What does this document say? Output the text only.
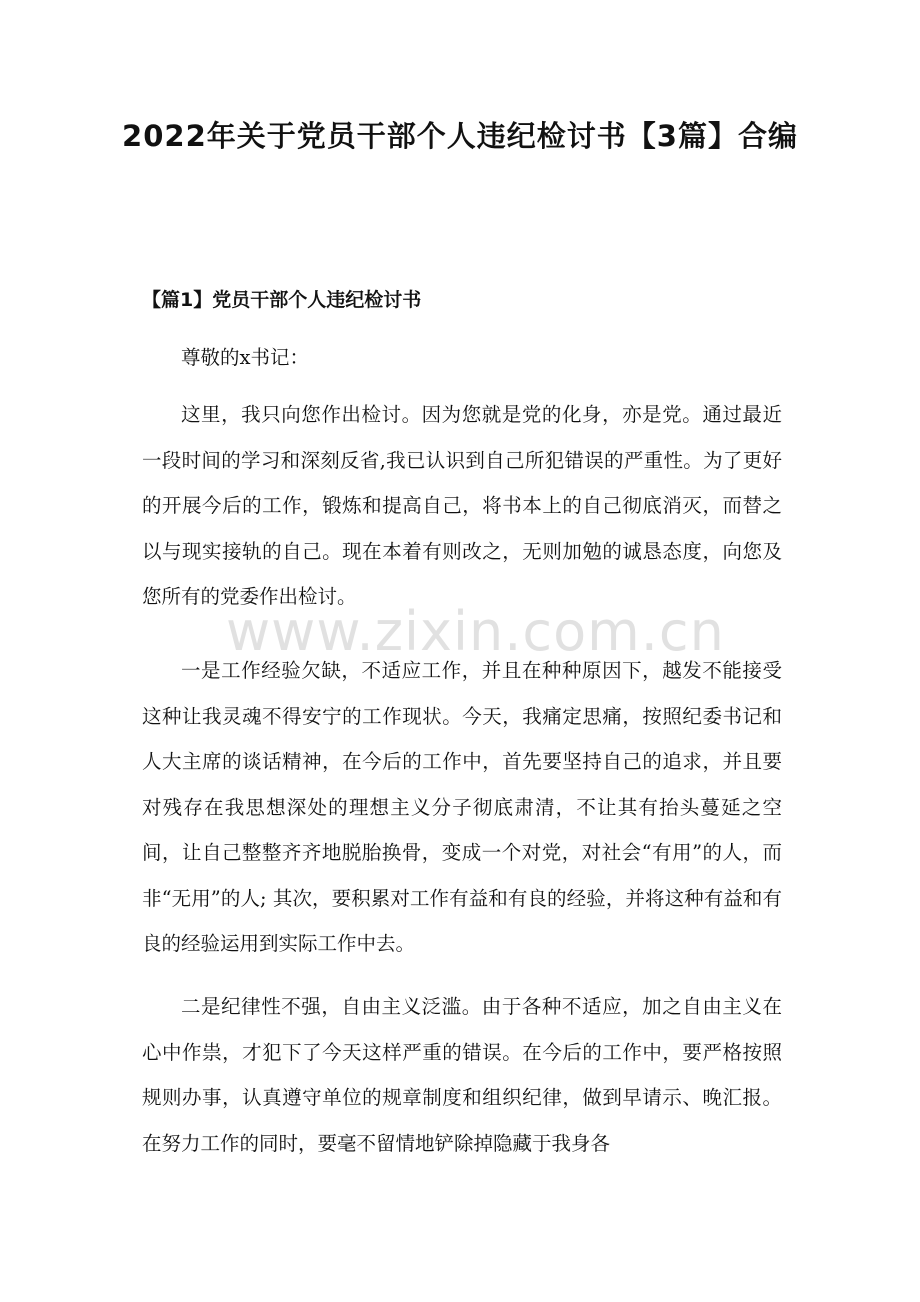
2022年关于党员干部个人违纪检讨书【3篇】合编
【篇1】党员干部个人违纪检讨书

尊敬的x书记：

这里，我只向您作出检讨。因为您就是党的化身，亦是党。通过最近一段时间的学习和深刻反省,我已认识到自己所犯错误的严重性。为了更好的开展今后的工作，锻炼和提高自己，将书本上的自己彻底消灭，而替之以与现实接轨的自己。现在本着有则改之，无则加勉的诚恳态度，向您及您所有的党委作出检讨。

www.zixin.com.cn

一是工作经验欠缺，不适应工作，并且在种种原因下，越发不能接受这种让我灵魂不得安宁的工作现状。今天，我痛定思痛，按照纪委书记和人大主席的谈话精神，在今后的工作中，首先要坚持自己的追求，并且要对残存在我思想深处的理想主义分子彻底肃清，不让其有抬头蔓延之空间，让自己整整齐齐地脱胎换骨，变成一个对党，对社会“有用”的人，而非“无用”的人; 其次，要积累对工作有益和有良的经验，并将这种有益和有良的经验运用到实际工作中去。

二是纪律性不强，自由主义泛滥。由于各种不适应，加之自由主义在心中作祟，才犯下了今天这样严重的错误。在今后的工作中，要严格按照规则办事，认真遵守单位的规章制度和组织纪律，做到早请示、晚汇报。在努力工作的同时，要毫不留情地铲除掉隐藏于我身各
